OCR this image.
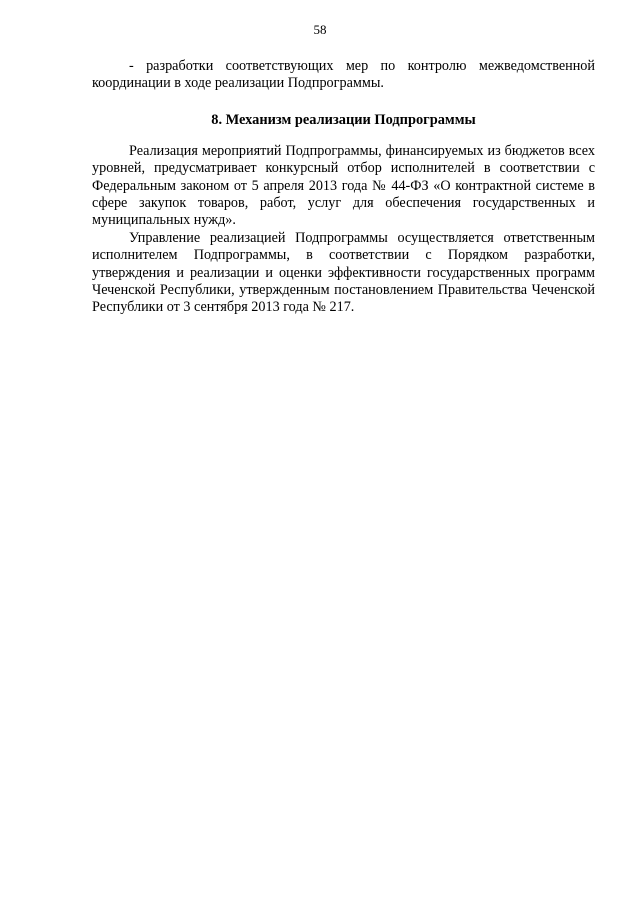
58

- разработки соответствующих мер по контролю межведомственной координации в ходе реализации Подпрограммы.

8. Механизм реализации Подпрограммы

Реализация мероприятий Подпрограммы, финансируемых из бюджетов всех уровней, предусматривает конкурсный отбор исполнителей в соответствии с Федеральным законом от 5 апреля 2013 года № 44-ФЗ «О контрактной системе в сфере закупок товаров, работ, услуг для обеспечения государственных и муниципальных нужд».

Управление реализацией Подпрограммы осуществляется ответственным исполнителем Подпрограммы, в соответствии с Порядком разработки, утверждения и реализации и оценки эффективности государственных программ Чеченской Республики, утвержденным постановлением Правительства Чеченской Республики от 3 сентября 2013 года № 217.
